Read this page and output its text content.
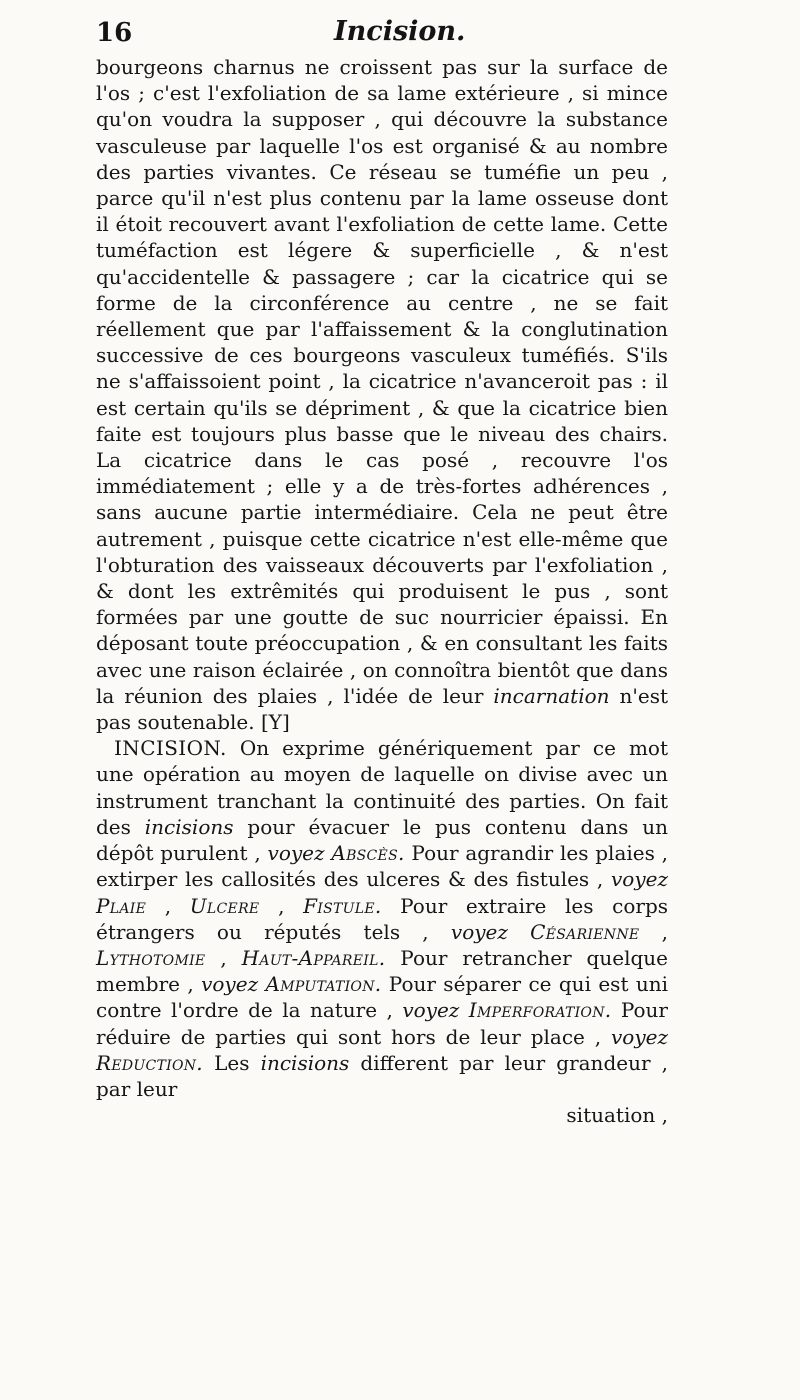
16	Incision.

bourgeons charnus ne croissent pas sur la surface de l'os ; c'est l'exfoliation de sa lame extérieure , si mince qu'on voudra la supposer , qui découvre la substance vasculeuse par laquelle l'os est organisé & au nombre des parties vivantes. Ce réseau se tuméfie un peu , parce qu'il n'est plus contenu par la lame osseuse dont il étoit recouvert avant l'exfoliation de cette lame. Cette tuméfaction est légere & superficielle , & n'est qu'accidentelle & passagere ; car la cicatrice qui se forme de la circonférence au centre , ne se fait réellement que par l'affaissement & la conglutination successive de ces bourgeons vasculeux tuméfiés. S'ils ne s'affaissoient point , la cicatrice n'avanceroit pas : il est certain qu'ils se dépriment , & que la cicatrice bien faite est toujours plus basse que le niveau des chairs. La cicatrice dans le cas posé , recouvre l'os immédiatement ; elle y a de très-fortes adhérences , sans aucune partie intermédiaire. Cela ne peut être autrement , puisque cette cicatrice n'est elle-même que l'obturation des vaisseaux découverts par l'exfoliation , & dont les extrêmités qui produisent le pus , sont formées par une goutte de suc nourricier épaissi. En déposant toute préoccupation , & en consultant les faits avec une raison éclairée , on connoîtra bientôt que dans la réunion des plaies , l'idée de leur incarnation n'est pas soutenable. [Y]

INCISION. On exprime génériquement par ce mot une opération au moyen de laquelle on divise avec un instrument tranchant la continuité des parties. On fait des incisions pour évacuer le pus contenu dans un dépôt purulent , voyez Abscès. Pour agrandir les plaies , extirper les callosités des ulceres & des fistules , voyez Plaie , Ulcere , Fistule. Pour extraire les corps étrangers ou réputés tels , voyez Césarienne , Lythotomie , Haut-Appareil. Pour retrancher quelque membre , voyez Amputation. Pour séparer ce qui est uni contre l'ordre de la nature , voyez Imperforation. Pour réduire de parties qui sont hors de leur place , voyez Reduction. Les incisions different par leur grandeur , par leur
situation ,
